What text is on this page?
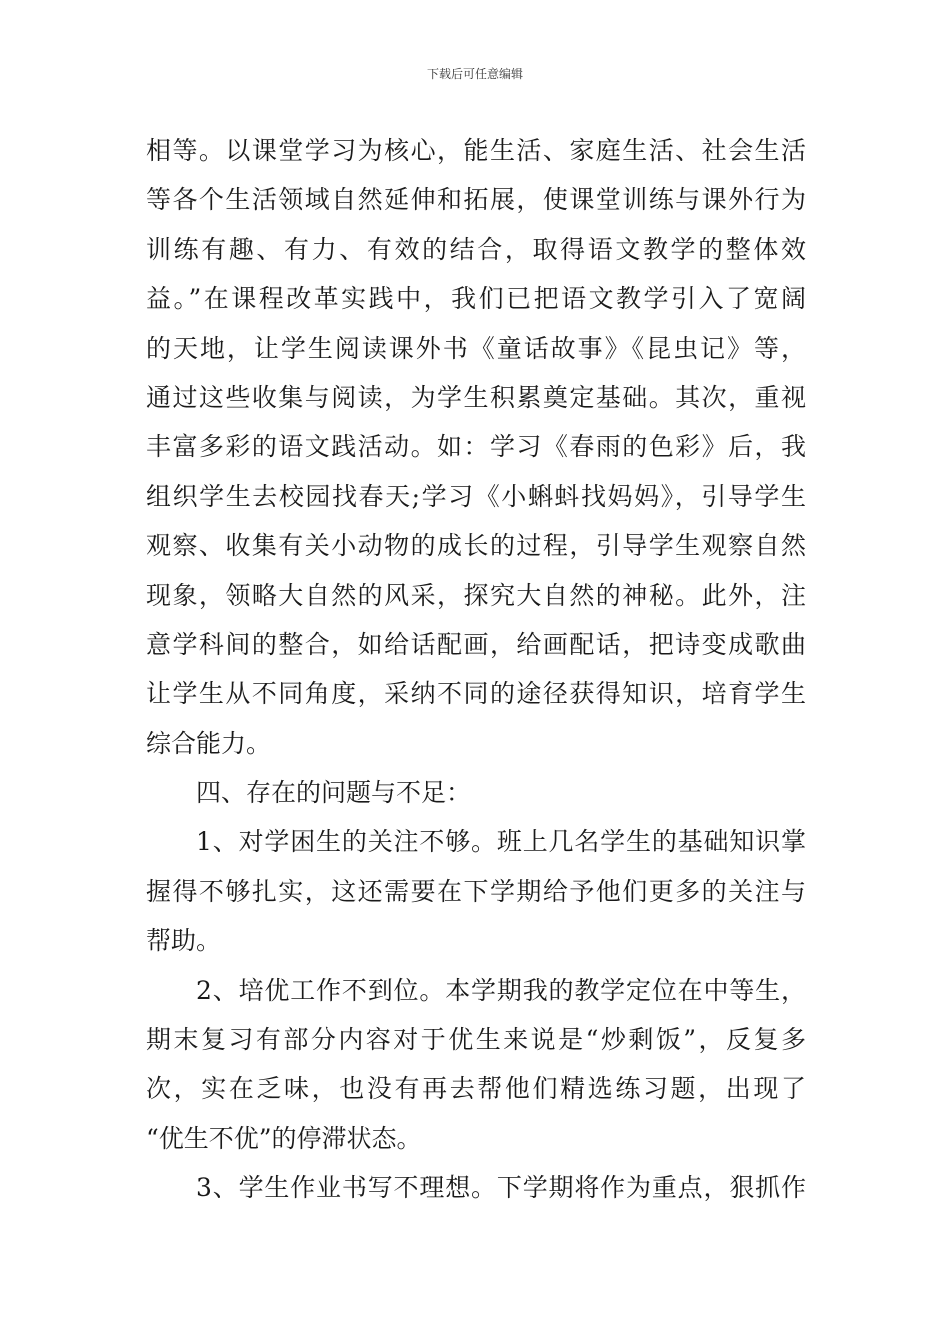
下载后可任意编辑
相等。以课堂学习为核心，能生活、家庭生活、社会生活
等各个生活领域自然延伸和拓展，使课堂训练与课外行为
训练有趣、有力、有效的结合，取得语文教学的整体效
益。”在课程改革实践中，我们已把语文教学引入了宽阔
的天地，让学生阅读课外书《童话故事》《昆虫记》等，
通过这些收集与阅读，为学生积累奠定基础。其次，重视
丰富多彩的语文践活动。如：学习《春雨的色彩》后，我
组织学生去校园找春天;学习《小蝌蚪找妈妈》，引导学生
观察、收集有关小动物的成长的过程，引导学生观察自然
现象，领略大自然的风采，探究大自然的神秘。此外，注
意学科间的整合，如给话配画，给画配话，把诗变成歌曲
让学生从不同角度，采纳不同的途径获得知识，培育学生
综合能力。
四、存在的问题与不足：
1、对学困生的关注不够。班上几名学生的基础知识掌
握得不够扎实，这还需要在下学期给予他们更多的关注与
帮助。
2、培优工作不到位。本学期我的教学定位在中等生，
期末复习有部分内容对于优生来说是“炒剩饭”，反复多
次，实在乏味，也没有再去帮他们精选练习题，出现了
“优生不优”的停滞状态。
3、学生作业书写不理想。下学期将作为重点，狠抓作
